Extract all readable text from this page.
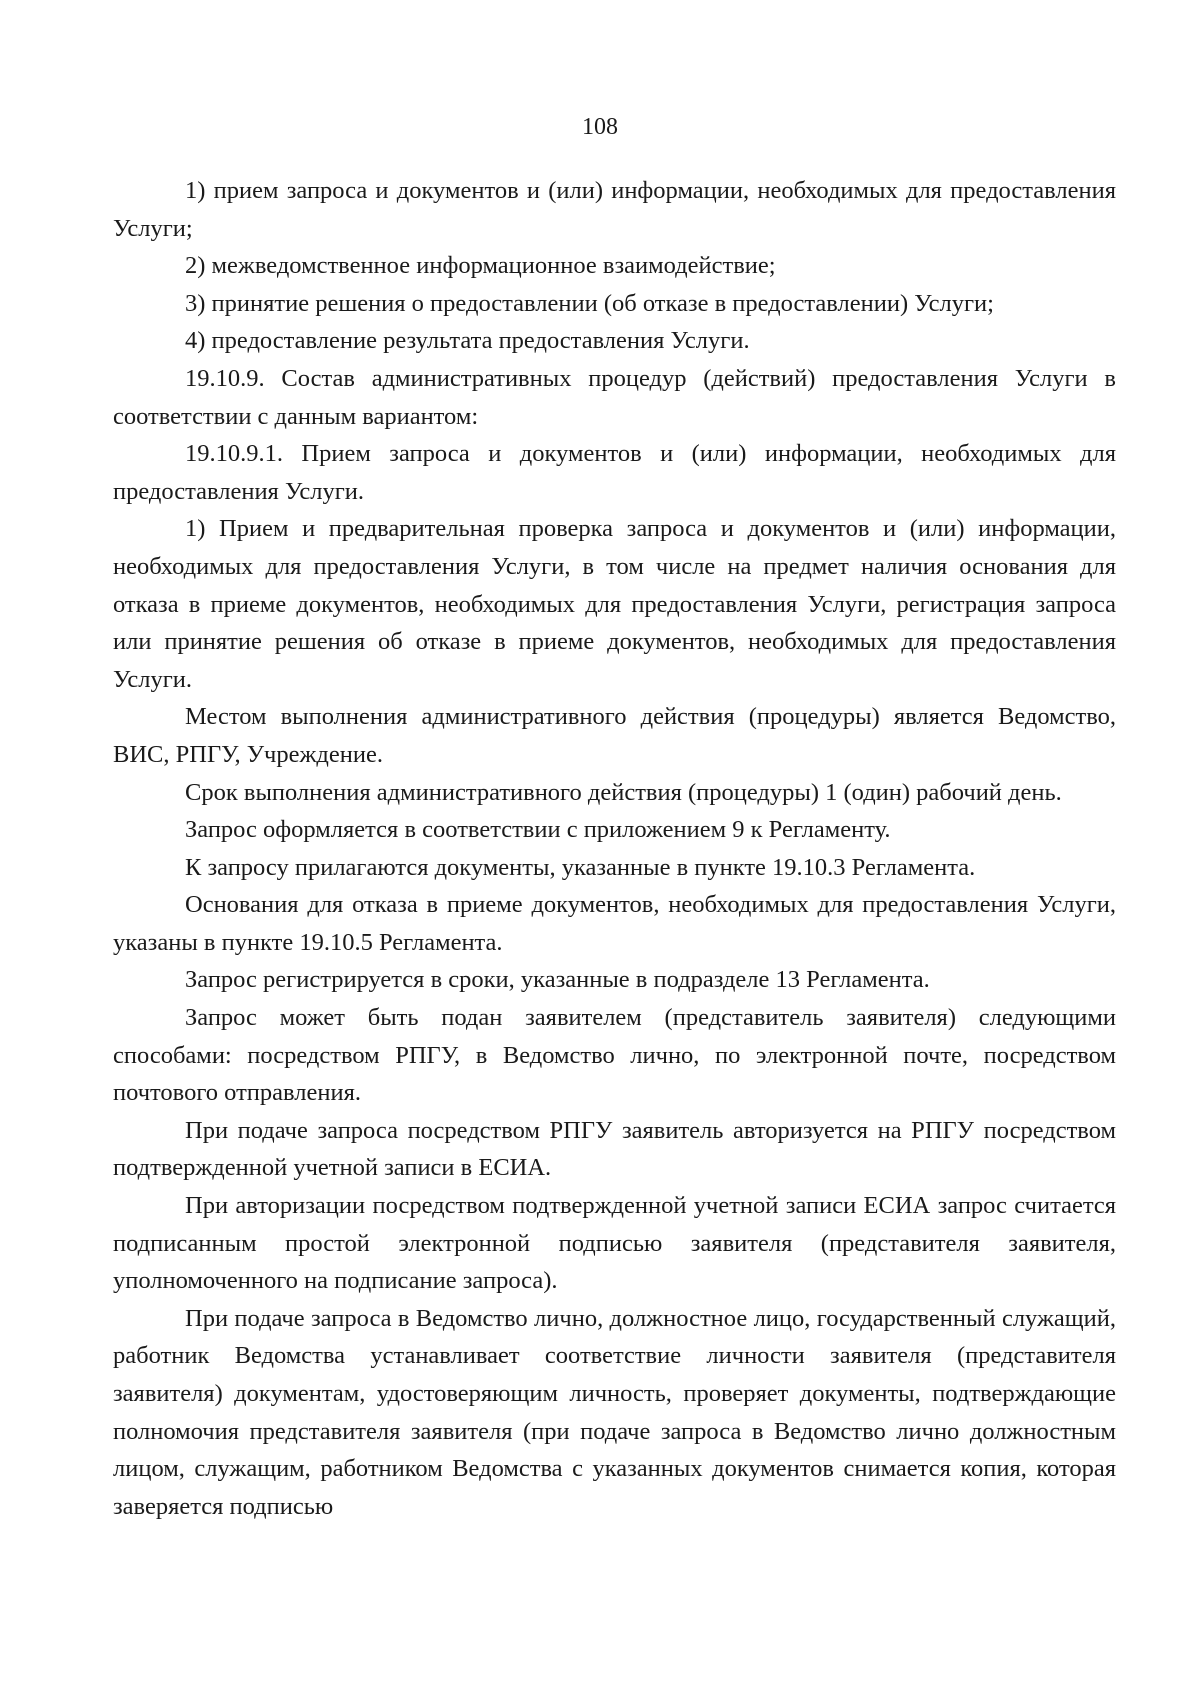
108

1) прием запроса и документов и (или) информации, необходимых для предоставления Услуги;

2) межведомственное информационное взаимодействие;

3) принятие решения о предоставлении (об отказе в предоставлении) Услуги;

4) предоставление результата предоставления Услуги.

19.10.9. Состав административных процедур (действий) предоставления Услуги в соответствии с данным вариантом:

19.10.9.1. Прием запроса и документов и (или) информации, необходимых для предоставления Услуги.

1) Прием и предварительная проверка запроса и документов и (или) информации, необходимых для предоставления Услуги, в том числе на предмет наличия основания для отказа в приеме документов, необходимых для предоставления Услуги, регистрация запроса или принятие решения об отказе в приеме документов, необходимых для предоставления Услуги.

Местом выполнения административного действия (процедуры) является Ведомство, ВИС, РПГУ, Учреждение.

Срок выполнения административного действия (процедуры) 1 (один) рабочий день.

Запрос оформляется в соответствии с приложением 9 к Регламенту.

К запросу прилагаются документы, указанные в пункте 19.10.3 Регламента.

Основания для отказа в приеме документов, необходимых для предоставления Услуги, указаны в пункте 19.10.5 Регламента.

Запрос регистрируется в сроки, указанные в подразделе 13 Регламента.

Запрос может быть подан заявителем (представитель заявителя) следующими способами: посредством РПГУ, в Ведомство лично, по электронной почте, посредством почтового отправления.

При подаче запроса посредством РПГУ заявитель авторизуется на РПГУ посредством подтвержденной учетной записи в ЕСИА.

При авторизации посредством подтвержденной учетной записи ЕСИА запрос считается подписанным простой электронной подписью заявителя (представителя заявителя, уполномоченного на подписание запроса).

При подаче запроса в Ведомство лично, должностное лицо, государственный служащий, работник Ведомства устанавливает соответствие личности заявителя (представителя заявителя) документам, удостоверяющим личность, проверяет документы, подтверждающие полномочия представителя заявителя (при подаче запроса в Ведомство лично должностным лицом, служащим, работником Ведомства с указанных документов снимается копия, которая заверяется подписью
